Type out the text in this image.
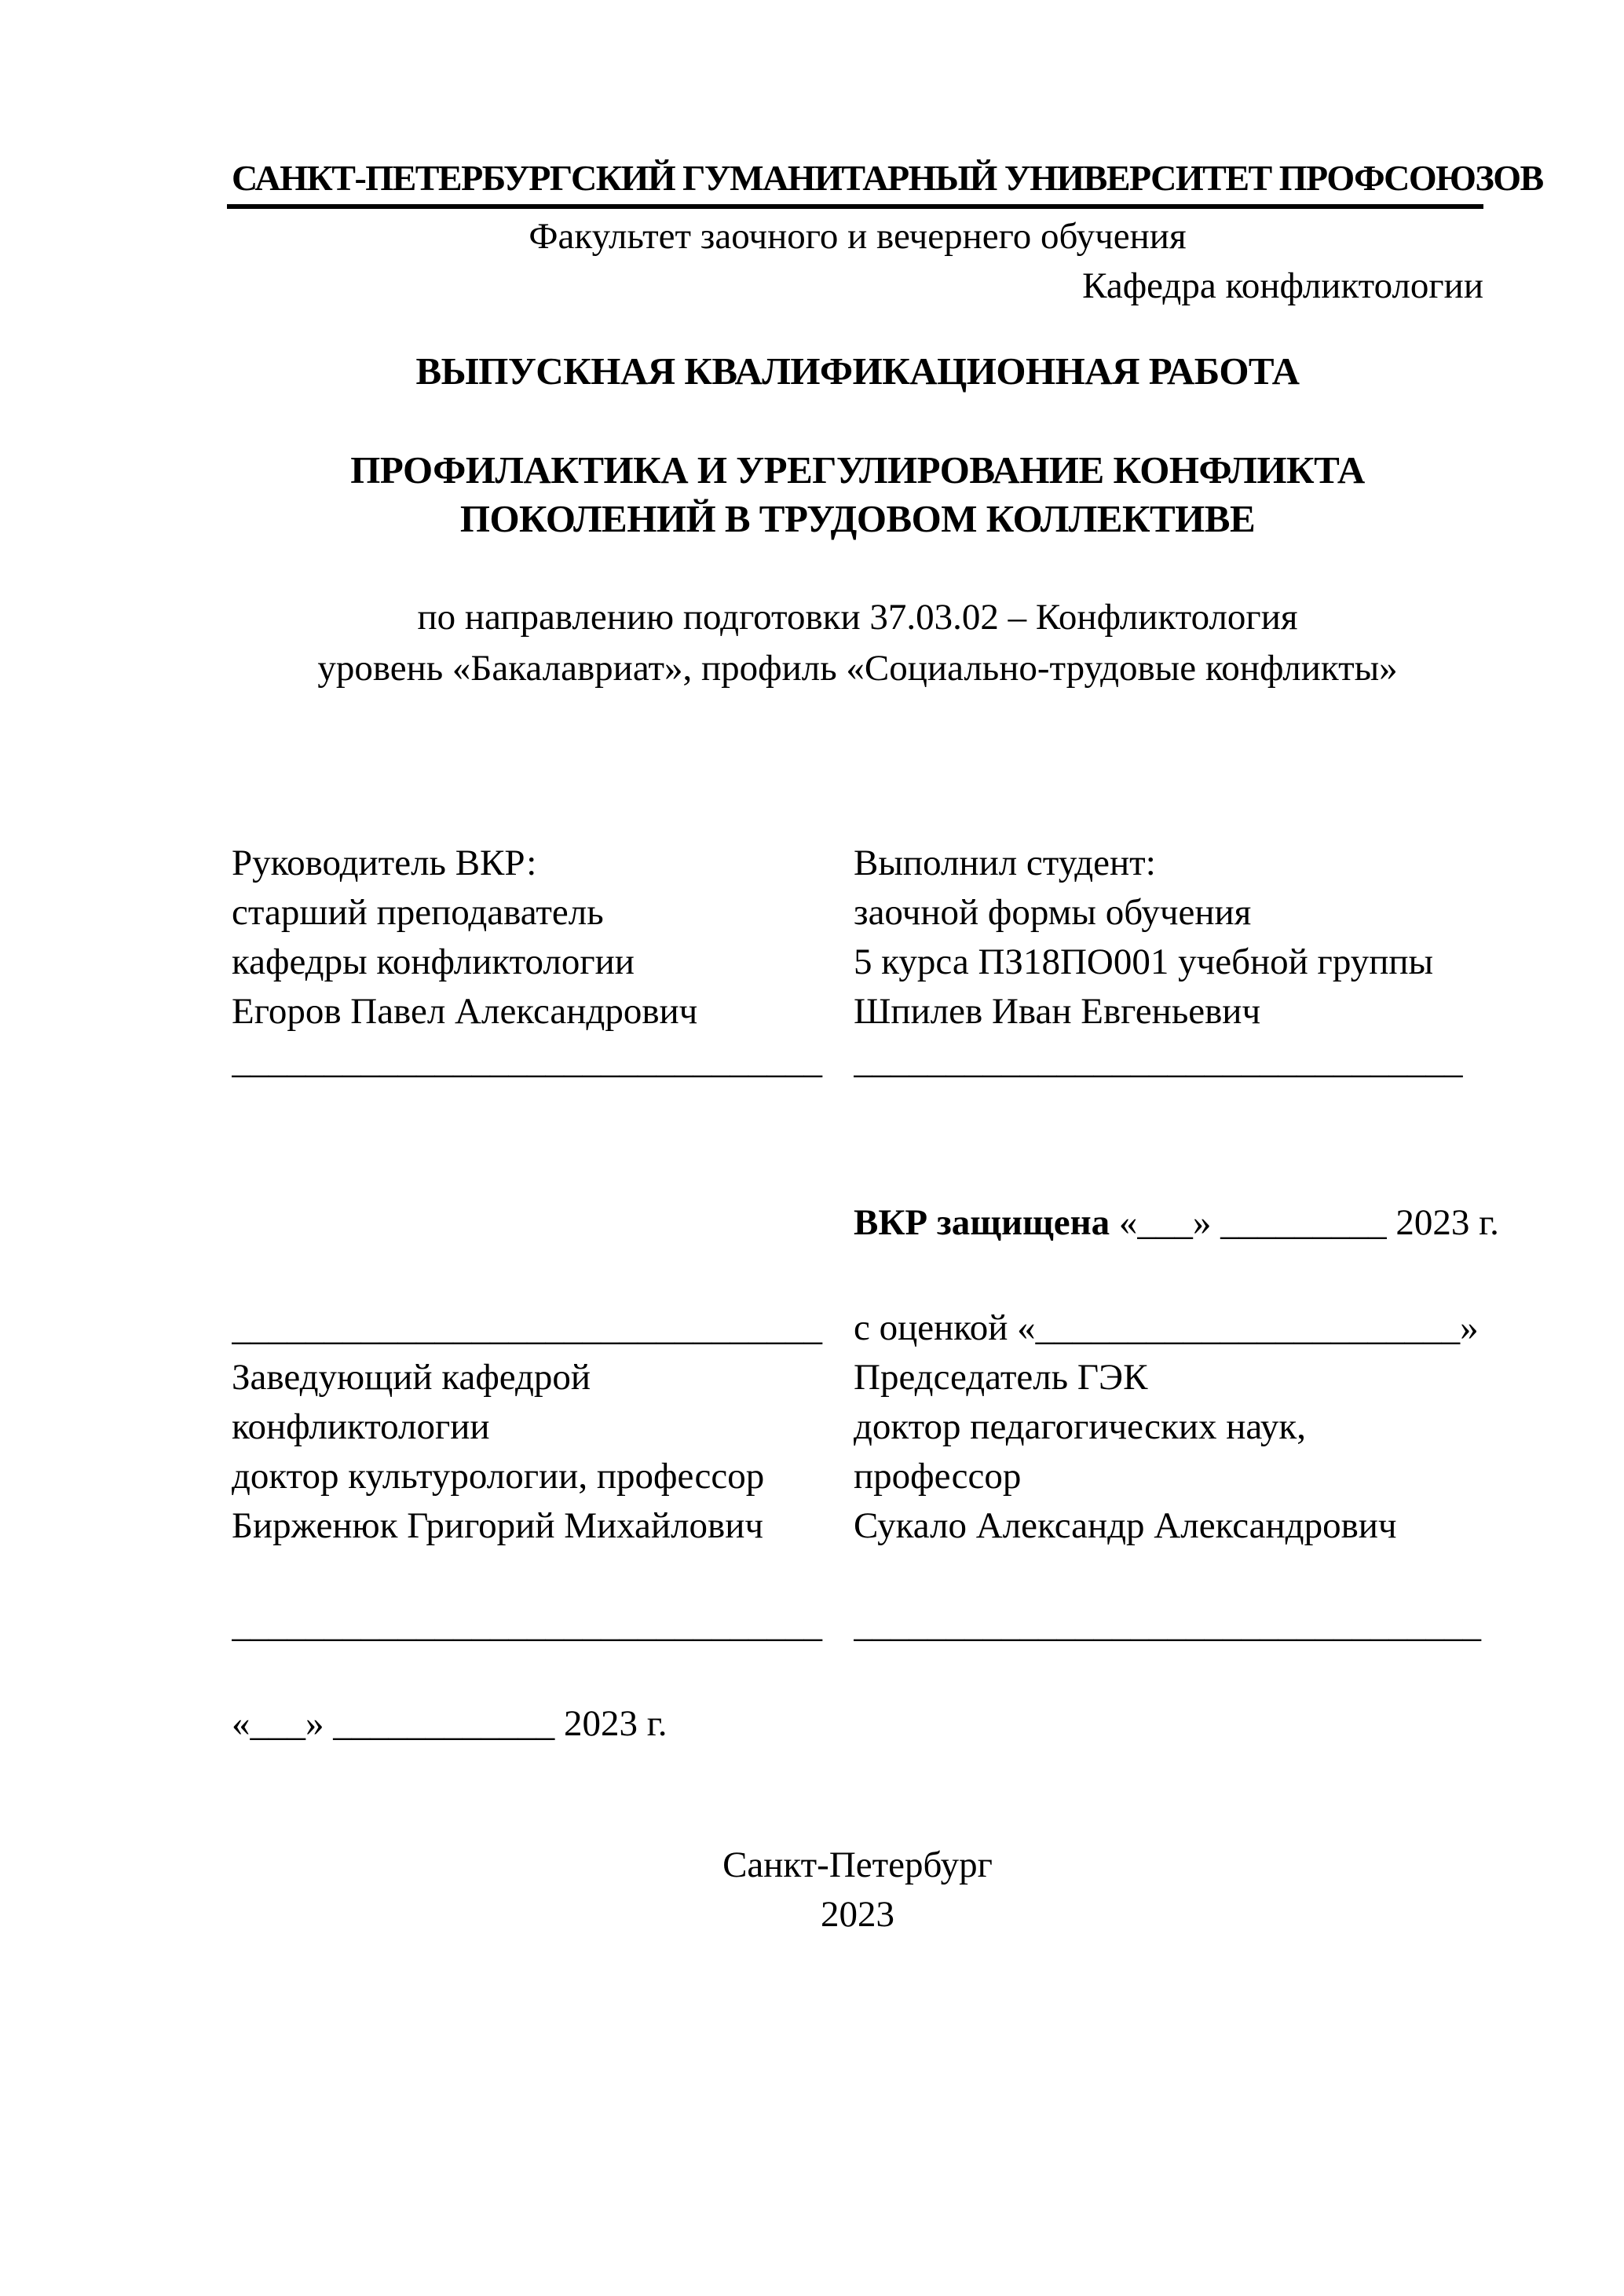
САНКТ-ПЕТЕРБУРГСКИЙ ГУМАНИТАРНЫЙ УНИВЕРСИТЕТ ПРОФСОЮЗОВ

Факультет заочного и вечернего обучения

Кафедра конфликтологии

ВЫПУСКНАЯ КВАЛИФИКАЦИОННАЯ РАБОТА

ПРОФИЛАКТИКА И УРЕГУЛИРОВАНИЕ КОНФЛИКТА

ПОКОЛЕНИЙ В ТРУДОВОМ КОЛЛЕКТИВЕ

по направлению подготовки 37.03.02 – Конфликтология

уровень «Бакалавриат», профиль «Социально-трудовые конфликты»

Руководитель ВКР:

старший преподаватель

кафедры конфликтологии

Егоров Павел Александрович

________________________________

Выполнил студент:

заочной формы обучения

5 курса ПЗ18ПО001 учебной группы

Шпилев Иван Евгеньевич

_________________________________

ВКР защищена «___» _________ 2023 г.

________________________________

Заведующий кафедрой

конфликтологии

доктор культурологии, профессор

Бирженюк Григорий Михайлович

с оценкой «_______________________»

Председатель ГЭК

доктор педагогических наук,

профессор

Сукало Александр Александрович

________________________________ __________________________________

«___» ____________ 2023 г.

Санкт-Петербург

2023
